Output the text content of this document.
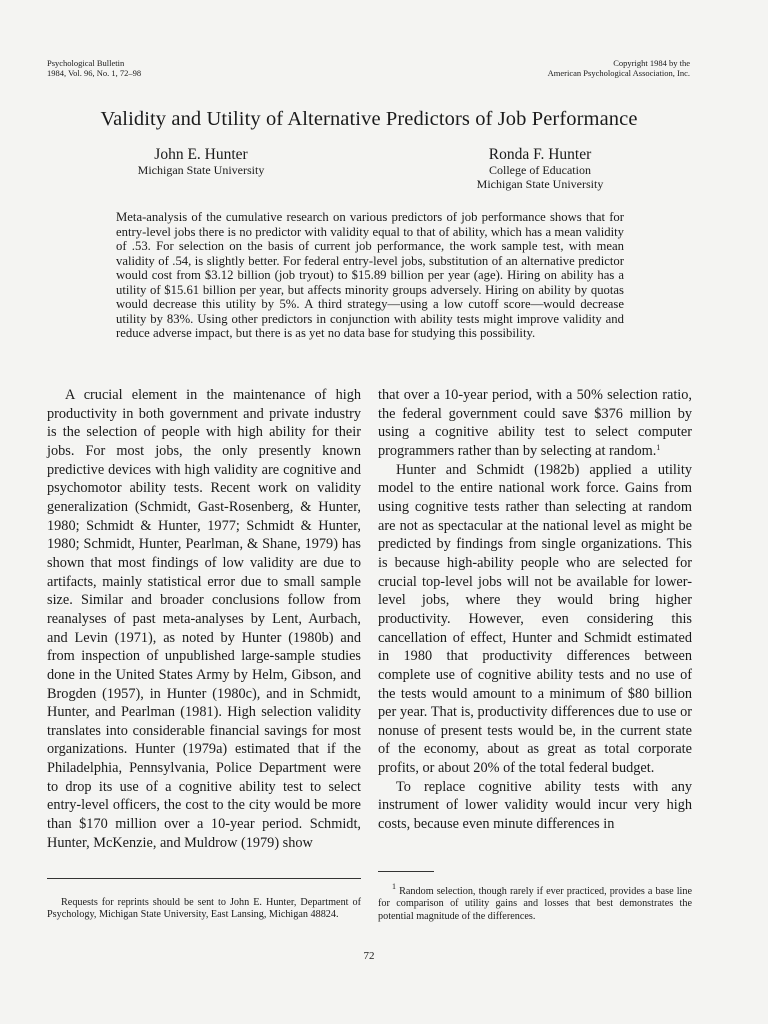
Psychological Bulletin
1984, Vol. 96, No. 1, 72–98
Copyright 1984 by the
American Psychological Association, Inc.
Validity and Utility of Alternative Predictors of Job Performance
John E. Hunter
Michigan State University
Ronda F. Hunter
College of Education
Michigan State University

Meta-analysis of the cumulative research on various predictors of job performance shows that for entry-level jobs there is no predictor with validity equal to that of ability, which has a mean validity of .53. For selection on the basis of current job performance, the work sample test, with mean validity of .54, is slightly better. For federal entry-level jobs, substitution of an alternative predictor would cost from $3.12 billion (job tryout) to $15.89 billion per year (age). Hiring on ability has a utility of $15.61 billion per year, but affects minority groups adversely. Hiring on ability by quotas would decrease this utility by 5%. A third strategy—using a low cutoff score—would decrease utility by 83%. Using other predictors in conjunction with ability tests might improve validity and reduce adverse impact, but there is as yet no data base for studying this possibility.

A crucial element in the maintenance of high productivity in both government and private industry is the selection of people with high ability for their jobs. For most jobs, the only presently known predictive devices with high validity are cognitive and psychomotor ability tests. Recent work on validity generalization (Schmidt, Gast-Rosenberg, & Hunter, 1980; Schmidt & Hunter, 1977; Schmidt & Hunter, 1980; Schmidt, Hunter, Pearlman, & Shane, 1979) has shown that most findings of low validity are due to artifacts, mainly statistical error due to small sample size. Similar and broader conclusions follow from reanalyses of past meta-analyses by Lent, Aurbach, and Levin (1971), as noted by Hunter (1980b) and from inspection of unpublished large-sample studies done in the United States Army by Helm, Gibson, and Brogden (1957), in Hunter (1980c), and in Schmidt, Hunter, and Pearlman (1981). High selection validity translates into considerable financial savings for most organizations. Hunter (1979a) estimated that if the Philadelphia, Pennsylvania, Police Department were to drop its use of a cognitive ability test to select entry-level officers, the cost to the city would be more than $170 million over a 10-year period. Schmidt, Hunter, McKenzie, and Muldrow (1979) show

that over a 10-year period, with a 50% selection ratio, the federal government could save $376 million by using a cognitive ability test to select computer programmers rather than by selecting at random.$^1$

Hunter and Schmidt (1982b) applied a utility model to the entire national work force. Gains from using cognitive tests rather than selecting at random are not as spectacular at the national level as might be predicted by findings from single organizations. This is because high-ability people who are selected for crucial top-level jobs will not be available for lower-level jobs, where they would bring higher productivity. However, even considering this cancellation of effect, Hunter and Schmidt estimated in 1980 that productivity differences between complete use of cognitive ability tests and no use of the tests would amount to a minimum of $80 billion per year. That is, productivity differences due to use or nonuse of present tests would be, in the current state of the economy, about as great as total corporate profits, or about 20% of the total federal budget.

To replace cognitive ability tests with any instrument of lower validity would incur very high costs, because even minute differences in

Requests for reprints should be sent to John E. Hunter, Department of Psychology, Michigan State University, East Lansing, Michigan 48824.

$^1$ Random selection, though rarely if ever practiced, provides a base line for comparison of utility gains and losses that best demonstrates the potential magnitude of the differences.

72
